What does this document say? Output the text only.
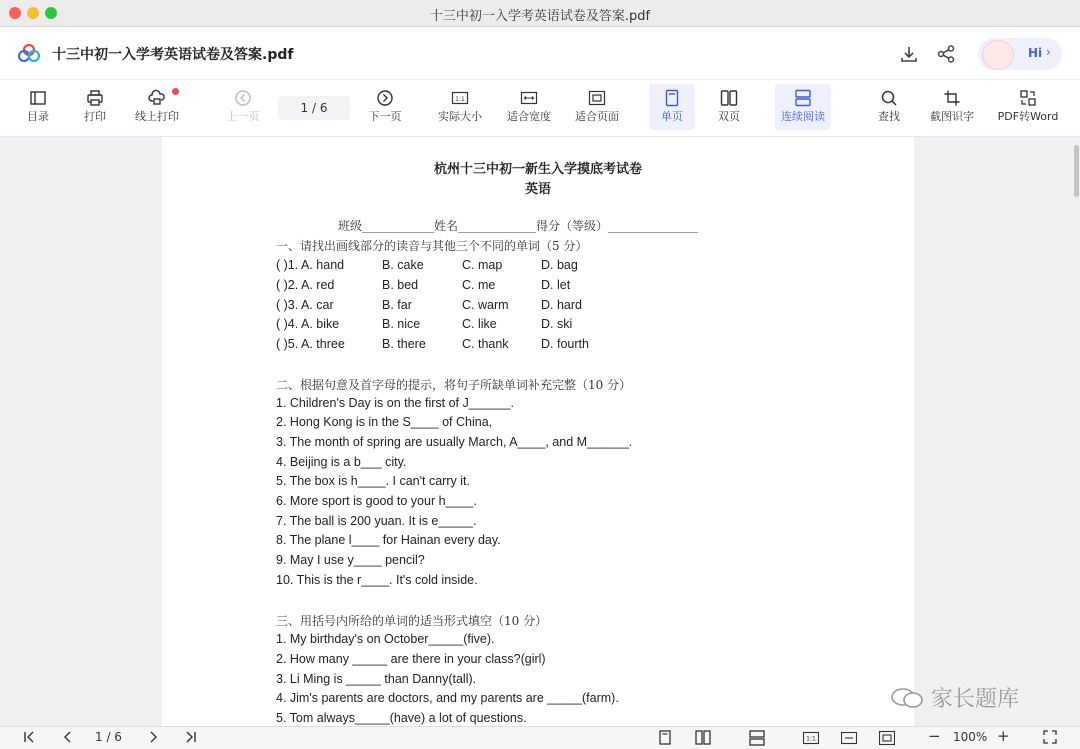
十三中初一入学考英语试卷及答案.pdf
十三中初一入学考英语试卷及答案.pdf	Hi ›
目录	打印	线上打印	上一页
1 / 6
下一页
1:1
实际大小	适合宽度	适合页面	单页	双页	连续阅读	查找	截图识字	PDF转Word
杭州十三中初一新生入学摸底考试卷
英语
班级____________姓名_____________得分（等级）_______________
一、请找出画线部分的读音与其他三个不同的单词（5 分）
( )1. A. hand	B. cake	C. map	D. bag
( )2. A. red	B. bed	C. me	D. let
( )3. A. car	B. far	C. warm	D. hard
( )4. A. bike	B. nice	C. like	D. ski
( )5. A. three	B. there	C. thank	D. fourth
二、根据句意及首字母的提示，将句子所缺单词补充完整（10 分）
1. Children's Day is on the first of J______.
2. Hong Kong is in the S____ of China,
3. The month of spring are usually March, A____, and M______.
4. Beijing is a b___ city.
5. The box is h____. I can't carry it.
6. More sport is good to your h____.
7. The ball is 200 yuan. It is e_____.
8. The plane l____ for Hainan every day.
9. May I use y____ pencil?
10. This is the r____. It's cold inside.
三、用括号内所给的单词的适当形式填空（10 分）
1. My birthday's on October_____(five).
2. How many _____ are there in your class?(girl)
3. Li Ming is _____ than Danny(tall).
4. Jim's parents are doctors, and my parents are _____(farm).
5. Tom always_____(have) a lot of questions.
家长题库
1 / 6	1:1	− 100% +
